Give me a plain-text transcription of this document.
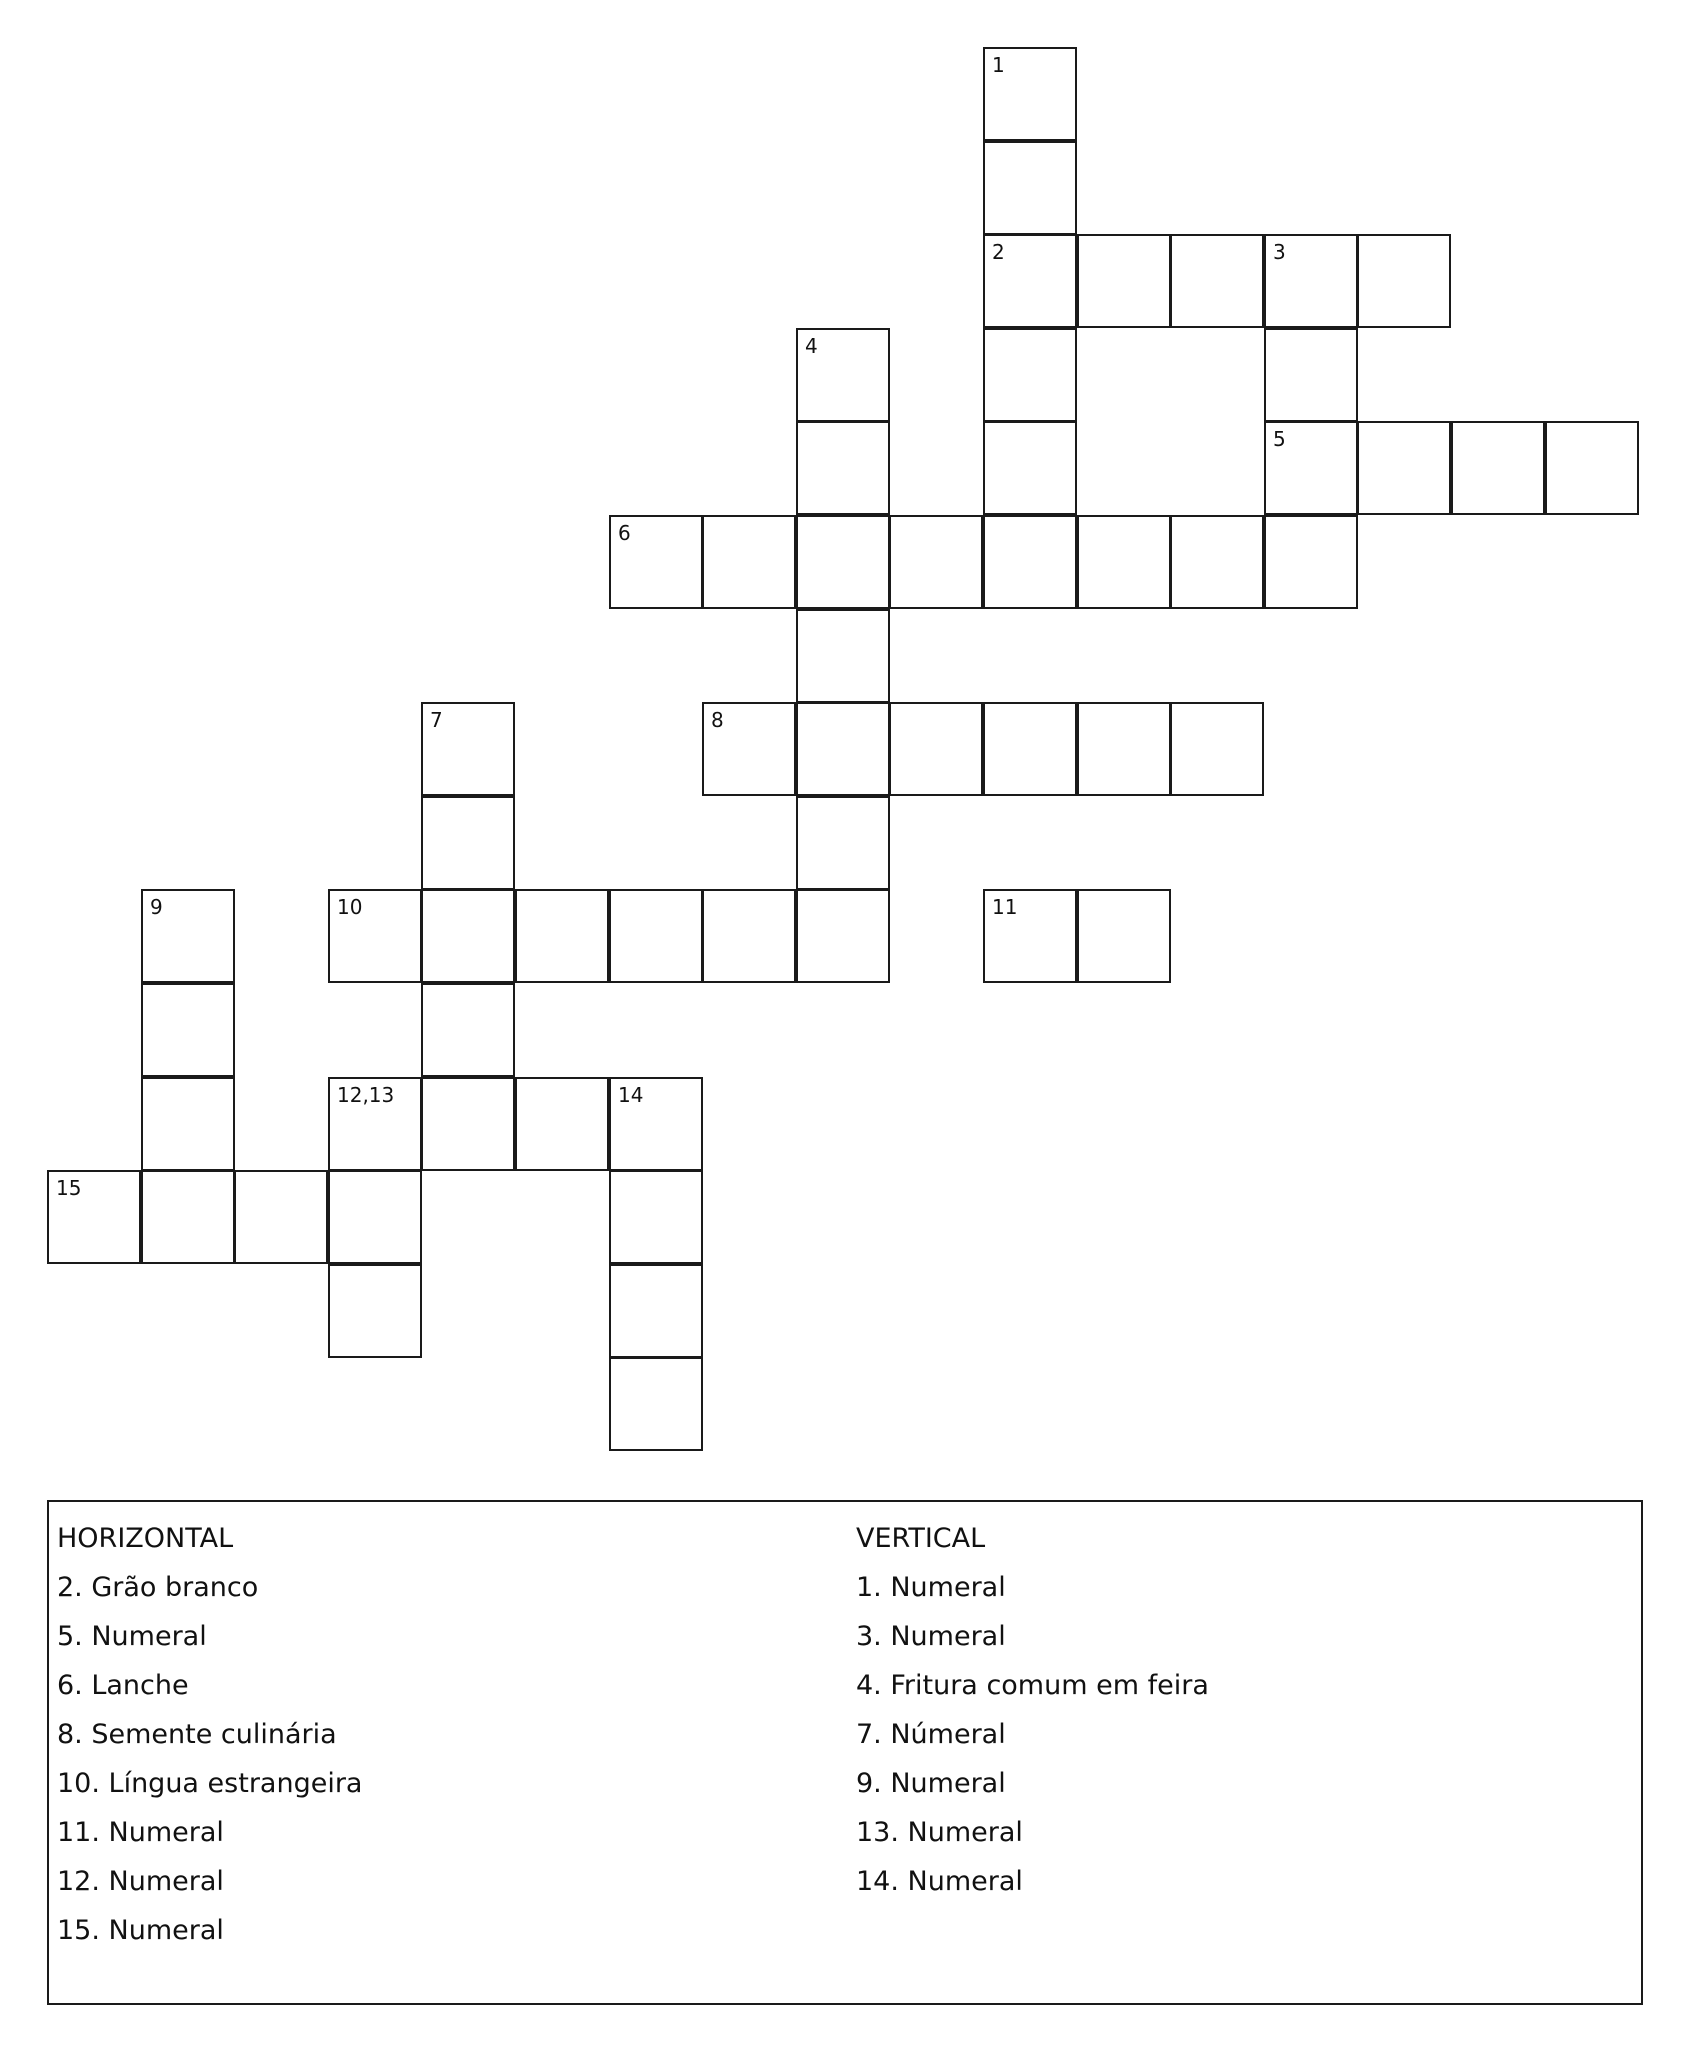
1
2	3
4
5
6
7	8
9	10	11
12,13	14
15
HORIZONTAL
2. Grão branco
5. Numeral
6. Lanche
8. Semente culinária
10. Língua estrangeira
11. Numeral
12. Numeral
15. Numeral
VERTICAL
1. Numeral
3. Numeral
4. Fritura comum em feira
7. Númeral
9. Numeral
13. Numeral
14. Numeral
